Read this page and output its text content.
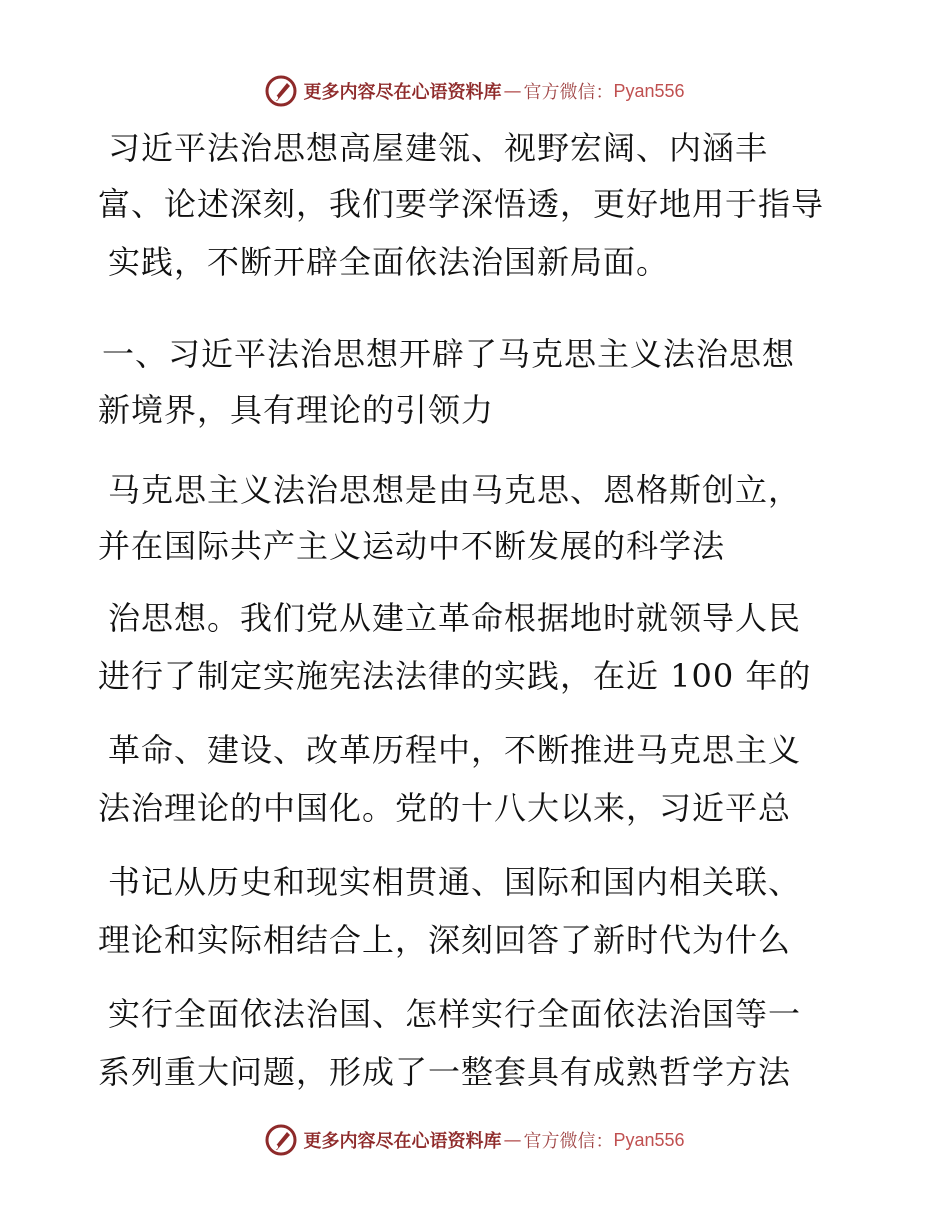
更多内容尽在心语资料库 — 官方微信： Pyan556
习近平法治思想高屋建瓴、视野宏阔、内涵丰
富、论述深刻，我们要学深悟透，更好地用于指导
实践，不断开辟全面依法治国新局面。
一、习近平法治思想开辟了马克思主义法治思想
新境界，具有理论的引领力
马克思主义法治思想是由马克思、恩格斯创立，
并在国际共产主义运动中不断发展的科学法
治思想。我们党从建立革命根据地时就领导人民
进行了制定实施宪法法律的实践，在近 100 年的
革命、建设、改革历程中，不断推进马克思主义
法治理论的中国化。党的十八大以来，习近平总
书记从历史和现实相贯通、国际和国内相关联、
理论和实际相结合上，深刻回答了新时代为什么
实行全面依法治国、怎样实行全面依法治国等一
系列重大问题，形成了一整套具有成熟哲学方法
更多内容尽在心语资料库 — 官方微信： Pyan556
